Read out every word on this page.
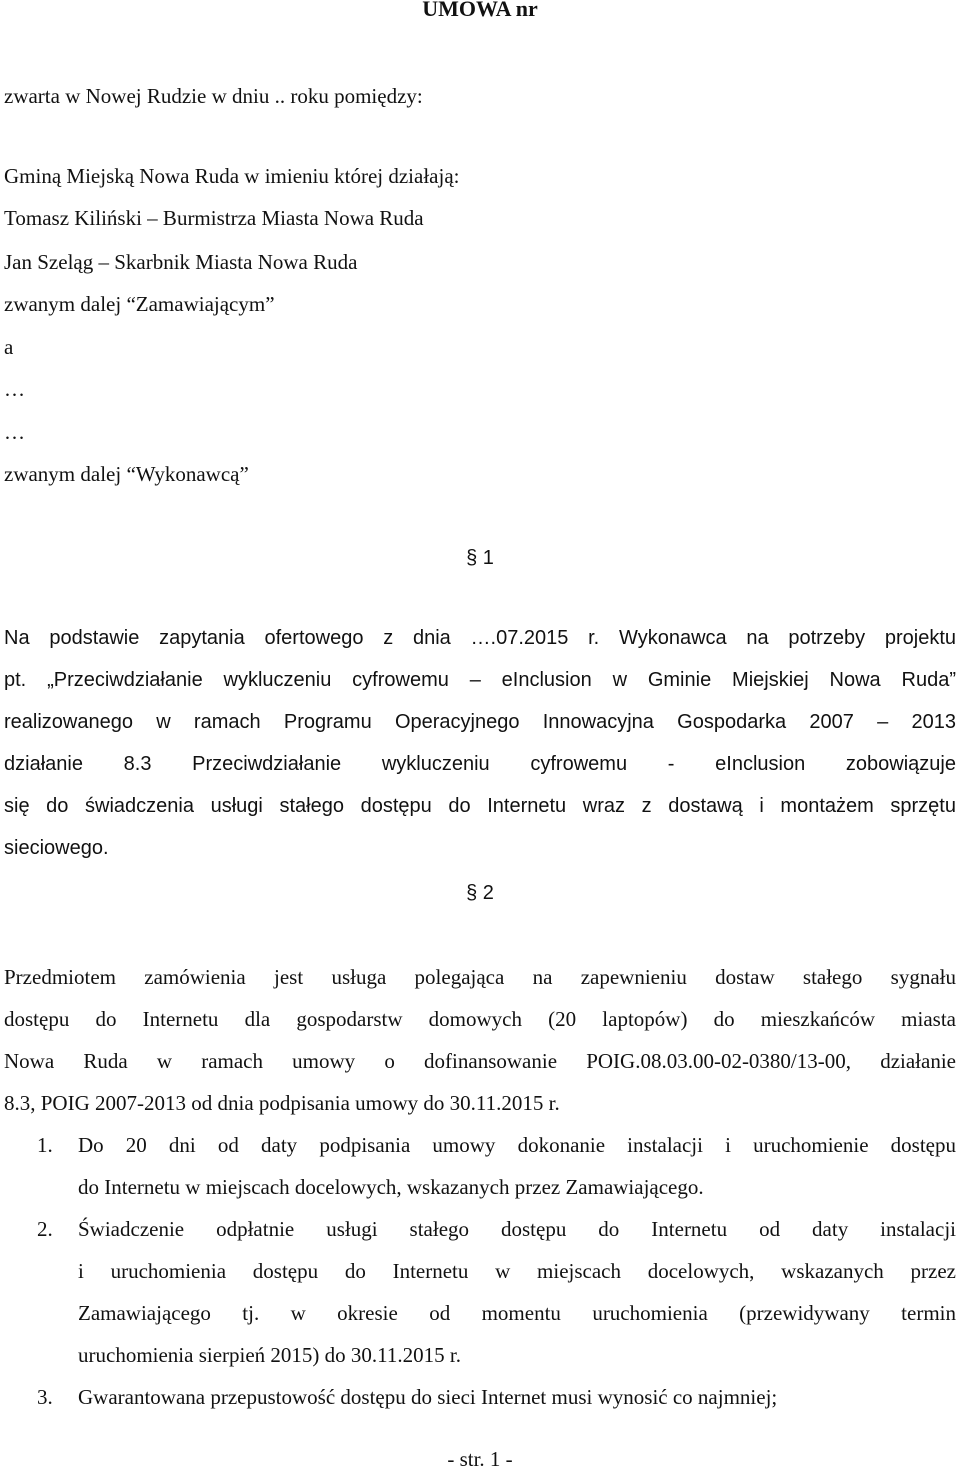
UMOWA nr

zwarta w Nowej Rudzie w dniu .. roku pomiędzy:

Gminą Miejską Nowa Ruda w imieniu której działają:

Tomasz Kiliński – Burmistrza Miasta Nowa Ruda

Jan Szeląg – Skarbnik Miasta Nowa Ruda

zwanym dalej “Zamawiającym”

a

…

…

zwanym dalej “Wykonawcą”

§ 1

Na podstawie zapytania ofertowego z dnia ….07.2015 r. Wykonawca na potrzeby projektu
pt. „Przeciwdziałanie wykluczeniu cyfrowemu – eInclusion w Gminie Miejskiej Nowa Ruda”
realizowanego w ramach Programu Operacyjnego Innowacyjna Gospodarka 2007 – 2013
działanie 8.3 Przeciwdziałanie wykluczeniu cyfrowemu - eInclusion zobowiązuje
się do świadczenia usługi stałego dostępu do Internetu wraz z dostawą i montażem sprzętu
sieciowego.

§ 2

Przedmiotem zamówienia jest usługa polegająca na zapewnieniu dostaw stałego sygnału
dostępu do Internetu dla gospodarstw domowych (20 laptopów) do mieszkańców miasta
Nowa Ruda w ramach umowy o dofinansowanie POIG.08.03.00-02-0380/13-00, działanie
8.3, POIG 2007-2013 od dnia podpisania umowy do 30.11.2015 r.
1.	Do 20 dni od daty podpisania umowy dokonanie instalacji i uruchomienie dostępu
do Internetu w miejscach docelowych, wskazanych przez Zamawiającego.
2.	Świadczenie odpłatnie usługi stałego dostępu do Internetu od daty instalacji
i uruchomienia dostępu do Internetu w miejscach docelowych, wskazanych przez
Zamawiającego tj. w okresie od momentu uruchomienia (przewidywany termin
uruchomienia sierpień 2015) do 30.11.2015 r.
3.	Gwarantowana przepustowość dostępu do sieci Internet musi wynosić co najmniej;

- str. 1 -
